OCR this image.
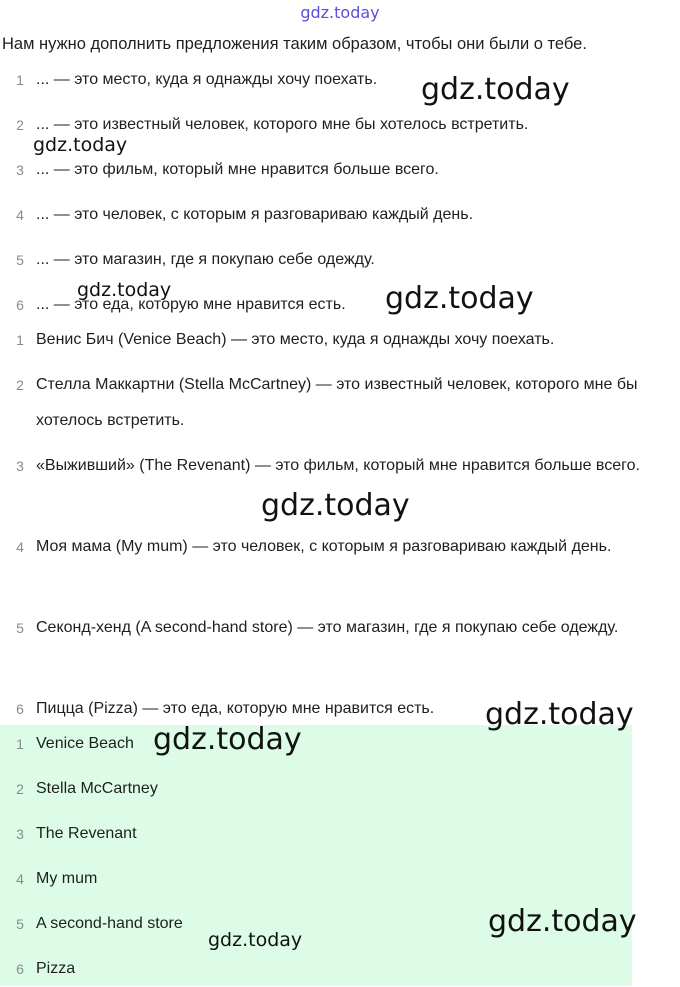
gdz.today
Нам нужно дополнить предложения таким образом, чтобы они были о тебе.
1 ... — это место, куда я однажды хочу поехать.
2 ... — это известный человек, которого мне бы хотелось встретить.
3 ... — это фильм, который мне нравится больше всего.
4 ... — это человек, с которым я разговариваю каждый день.
5 ... — это магазин, где я покупаю себе одежду.
6 ... — это еда, которую мне нравится есть.
1 Венис Бич (Venice Beach) — это место, куда я однажды хочу поехать.
2 Стелла Маккартни (Stella McCartney) — это известный человек, которого мне бы хотелось встретить.
3 «Выживший» (The Revenant) — это фильм, который мне нравится больше всего.
4 Моя мама (My mum) — это человек, с которым я разговариваю каждый день.
5 Секонд-хенд (A second-hand store) — это магазин, где я покупаю себе одежду.
6 Пицца (Pizza) — это еда, которую мне нравится есть.
1 Venice Beach
2 Stella McCartney
3 The Revenant
4 My mum
5 A second-hand store
6 Pizza
gdz.today
gdz.today
gdz.today	gdz.today
gdz.today
gdz.today
gdz.today
gdz.today
gdz.today
